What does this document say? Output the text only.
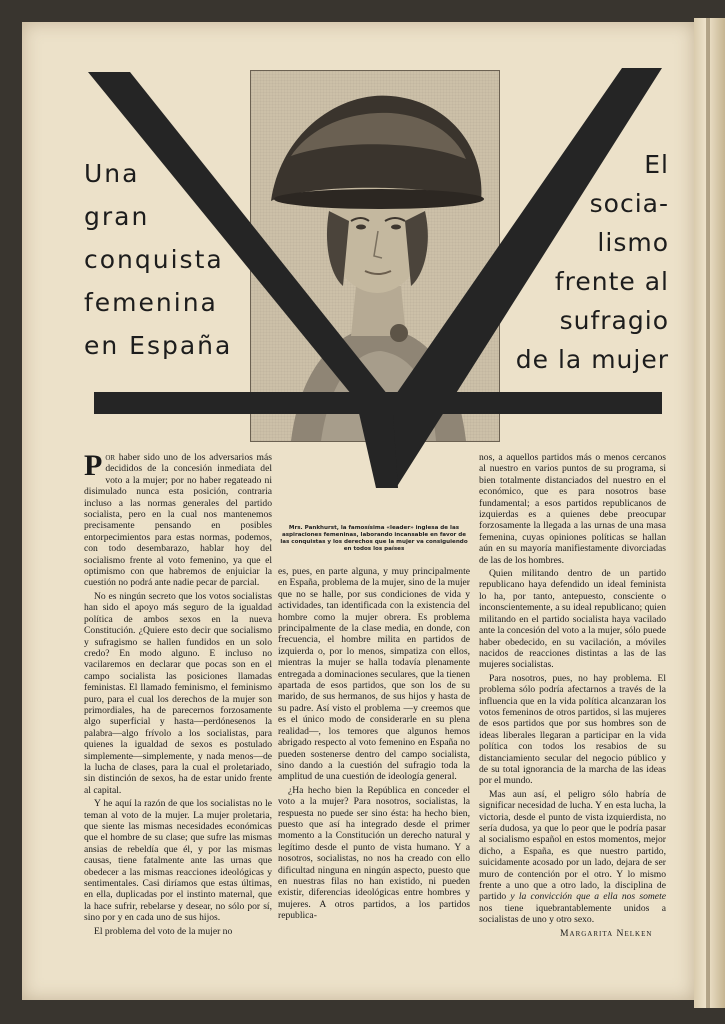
Una
gran
conquista
femenina
en España
El
socia-
lismo
frente al
sufragio
de la mujer
Mrs. Pankhurst, la famosísima «leader» inglesa de las aspiraciones femeninas, laborando incansable en favor de las conquistas y los derechos que la mujer va consiguiendo en todos los países

Por haber sido uno de los adversarios más decididos de la concesión inmediata del voto a la mujer; por no haber regateado ni disimulado nunca esta posición, contraria incluso a las normas generales del partido socialista, pero en la cual nos mantenemos precisamente pensando en posibles entorpecimientos para estas normas, podemos, con todo desembarazo, hablar hoy del socialismo frente al voto femenino, ya que el optimismo con que habremos de enjuiciar la cuestión no podrá ante nadie pecar de parcial.

No es ningún secreto que los votos socialistas han sido el apoyo más seguro de la igualdad política de ambos sexos en la nueva Constitución. ¿Quiere esto decir que socialismo y sufragismo se hallen fundidos en un solo credo? En modo alguno. E incluso no vacilaremos en declarar que pocas son en el campo socialista las posiciones llamadas feministas. El llamado feminismo, el feminismo puro, para el cual los derechos de la mujer son primordiales, ha de parecernos forzosamente algo superficial y hasta—perdónesenos la palabra—algo frívolo a los socialistas, para quienes la igualdad de sexos es postulado simplemente—simplemente, y nada menos—de la lucha de clases, para la cual el proletariado, sin distinción de sexos, ha de estar unido frente al capital.

Y he aquí la razón de que los socialistas no le teman al voto de la mujer. La mujer proletaria, que siente las mismas necesidades económicas que el hombre de su clase; que sufre las mismas ansias de rebeldía que él, y por las mismas causas, tiene fatalmente ante las urnas que obedecer a las mismas reacciones ideológicas y sentimentales. Casi diríamos que estas últimas, en ella, duplicadas por el instinto maternal, que la hace sufrir, rebelarse y desear, no sólo por sí, sino por y en cada uno de sus hijos.

El problema del voto de la mujer no

es, pues, en parte alguna, y muy principalmente en España, problema de la mujer, sino de la mujer que no se halle, por sus condiciones de vida y actividades, tan identificada con la existencia del hombre como la mujer obrera. Es problema principalmente de la clase media, en donde, con frecuencia, el hombre milita en partidos de izquierda o, por lo menos, simpatiza con ellos, mientras la mujer se halla todavía plenamente entregada a dominaciones seculares, que la tienen apartada de esos partidos, que son los de su marido, de sus hermanos, de sus hijos y hasta de su padre. Así visto el problema —y creemos que es el único modo de considerarle en su plena realidad—, los temores que algunos hemos abrigado respecto al voto femenino en España no pueden sostenerse dentro del campo socialista, sino dando a la cuestión del sufragio toda la amplitud de una cuestión de ideología general.

¿Ha hecho bien la República en conceder el voto a la mujer? Para nosotros, socialistas, la respuesta no puede ser sino ésta: ha hecho bien, puesto que así ha integrado desde el primer momento a la Constitución un derecho natural y legítimo desde el punto de vista humano. Y a nosotros, socialistas, no nos ha creado con ello dificultad ninguna en ningún aspecto, puesto que en nuestras filas no han existido, ni pueden existir, diferencias ideológicas entre hombres y mujeres. A otros partidos, a los partidos republica-

nos, a aquellos partidos más o menos cercanos al nuestro en varios puntos de su programa, si bien totalmente distanciados del nuestro en el económico, que es para nosotros base fundamental; a esos partidos republicanos de izquierdas es a quienes debe preocupar forzosamente la llegada a las urnas de una masa femenina, cuyas opiniones políticas se hallan aún en su mayoría manifiestamente divorciadas de las de los hombres.

Quien militando dentro de un partido republicano haya defendido un ideal feminista lo ha, por tanto, antepuesto, consciente o inconscientemente, a su ideal republicano; quien militando en el partido socialista haya vacilado ante la concesión del voto a la mujer, sólo puede haber obedecido, en su vacilación, a móviles nacidos de reacciones distintas a las de las mujeres socialistas.

Para nosotros, pues, no hay problema. El problema sólo podría afectarnos a través de la influencia que en la vida política alcanzaran los votos femeninos de otros partidos, si las mujeres de esos partidos que por sus hombres son de ideas liberales llegaran a participar en la vida política con todos los resabios de su distanciamiento secular del negocio público y de su total ignorancia de la marcha de las ideas por el mundo.

Mas aun así, el peligro sólo habría de significar necesidad de lucha. Y en esta lucha, la victoria, desde el punto de vista izquierdista, no sería dudosa, ya que lo peor que le podría pasar al socialismo español en estos momentos, mejor dicho, a España, es que nuestro partido, suicidamente acosado por un lado, dejara de ser muro de contención por el otro. Y lo mismo frente a uno que a otro lado, la disciplina de partido y la convicción que a ella nos somete nos tiene iquebrantablemente unidos a socialistas de uno y otro sexo.

Margarita Nelken
